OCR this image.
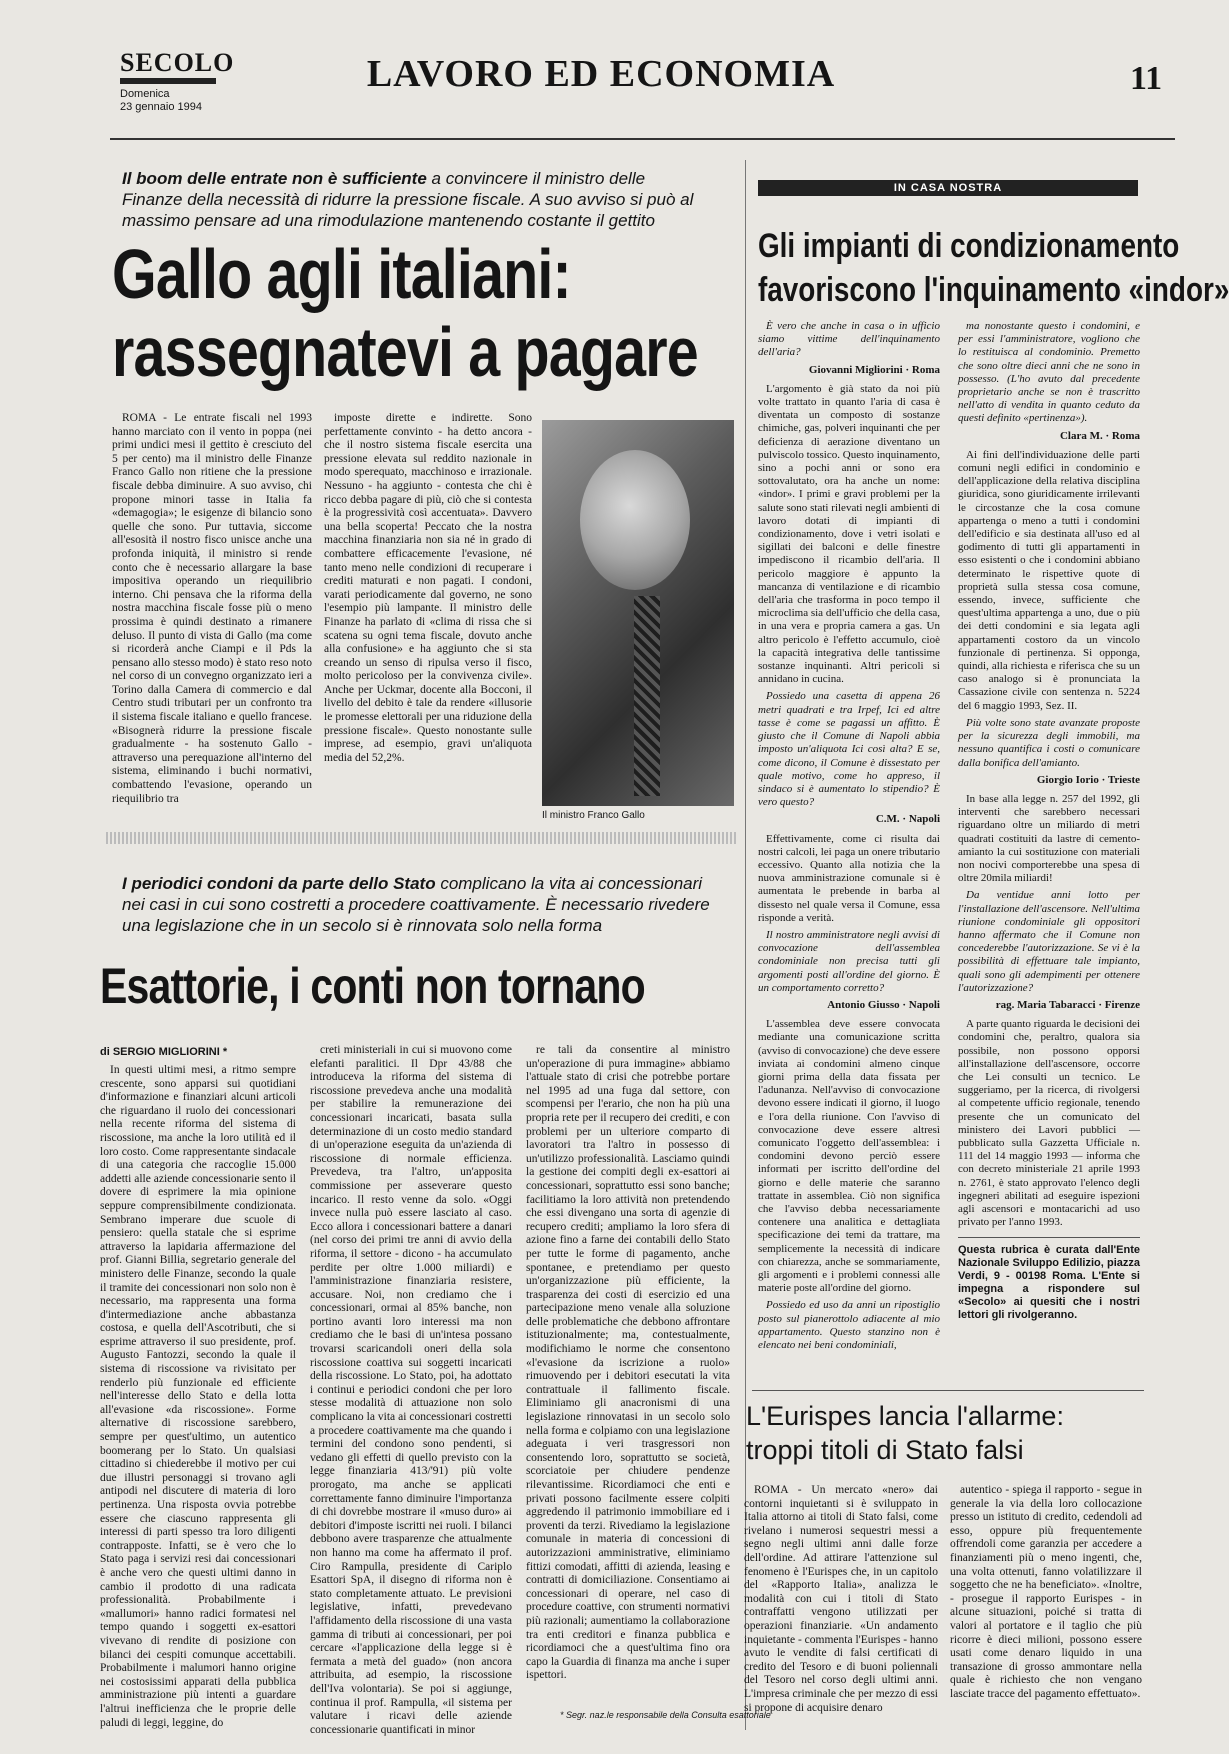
SECOLO
Domenica
23 gennaio 1994
LAVORO ED ECONOMIA	11
Il boom delle entrate non è sufficiente a convincere il ministro delle Finanze della necessità di ridurre la pressione fiscale. A suo avviso si può al massimo pensare ad una rimodulazione mantenendo costante il gettito
Gallo agli italiani:
rassegnatevi a pagare

ROMA - Le entrate fiscali nel 1993 hanno marciato con il vento in poppa (nei primi undici mesi il gettito è cresciuto del 5 per cento) ma il ministro delle Finanze Franco Gallo non ritiene che la pressione fiscale debba diminuire. A suo avviso, chi propone minori tasse in Italia fa «demagogia»; le esigenze di bilancio sono quelle che sono. Pur tuttavia, siccome all'esosità il nostro fisco unisce anche una profonda iniquità, il ministro si rende conto che è necessario allargare la base impositiva operando un riequilibrio interno. Chi pensava che la riforma della nostra macchina fiscale fosse più o meno prossima è quindi destinato a rimanere deluso. Il punto di vista di Gallo (ma come si ricorderà anche Ciampi e il Pds la pensano allo stesso modo) è stato reso noto nel corso di un convegno organizzato ieri a Torino dalla Camera di commercio e dal Centro studi tributari per un confronto tra il sistema fiscale italiano e quello francese. «Bisognerà ridurre la pressione fiscale gradualmente - ha sostenuto Gallo - attraverso una perequazione all'interno del sistema, eliminando i buchi normativi, combattendo l'evasione, operando un riequilibrio tra

imposte dirette e indirette. Sono perfettamente convinto - ha detto ancora - che il nostro sistema fiscale esercita una pressione elevata sul reddito nazionale in modo sperequato, macchinoso e irrazionale. Nessuno - ha aggiunto - contesta che chi è ricco debba pagare di più, ciò che si contesta è la progressività così accentuata». Davvero una bella scoperta! Peccato che la nostra macchina finanziaria non sia né in grado di combattere efficacemente l'evasione, né tanto meno nelle condizioni di recuperare i crediti maturati e non pagati. I condoni, varati periodicamente dal governo, ne sono l'esempio più lampante. Il ministro delle Finanze ha parlato di «clima di rissa che si scatena su ogni tema fiscale, dovuto anche alla confusione» e ha aggiunto che si sta creando un senso di ripulsa verso il fisco, molto pericoloso per la convivenza civile». Anche per Uckmar, docente alla Bocconi, il livello del debito è tale da rendere «illusorie le promesse elettorali per una riduzione della pressione fiscale». Questo nonostante sulle imprese, ad esempio, gravi un'aliquota media del 52,2%.

Il ministro Franco Gallo
I periodici condoni da parte dello Stato complicano la vita ai concessionari nei casi in cui sono costretti a procedere coattivamente. È necessario rivedere una legislazione che in un secolo si è rinnovata solo nella forma
Esattorie, i conti non tornano
di SERGIO MIGLIORINI *

In questi ultimi mesi, a ritmo sempre crescente, sono apparsi sui quotidiani d'informazione e finanziari alcuni articoli che riguardano il ruolo dei concessionari nella recente riforma del sistema di riscossione, ma anche la loro utilità ed il loro costo. Come rappresentante sindacale di una categoria che raccoglie 15.000 addetti alle aziende concessionarie sento il dovere di esprimere la mia opinione seppure comprensibilmente condizionata. Sembrano imperare due scuole di pensiero: quella statale che si esprime attraverso la lapidaria affermazione del prof. Gianni Billia, segretario generale del ministero delle Finanze, secondo la quale il tramite dei concessionari non solo non è necessario, ma rappresenta una forma d'intermediazione anche abbastanza costosa, e quella dell'Ascotributi, che si esprime attraverso il suo presidente, prof. Augusto Fantozzi, secondo la quale il sistema di riscossione va rivisitato per renderlo più funzionale ed efficiente nell'interesse dello Stato e della lotta all'evasione «da riscossione». Forme alternative di riscossione sarebbero, sempre per quest'ultimo, un autentico boomerang per lo Stato. Un qualsiasi cittadino si chiederebbe il motivo per cui due illustri personaggi si trovano agli antipodi nel discutere di materia di loro pertinenza. Una risposta ovvia potrebbe essere che ciascuno rappresenta gli interessi di parti spesso tra loro diligenti contrapposte. Infatti, se è vero che lo Stato paga i servizi resi dai concessionari è anche vero che questi ultimi danno in cambio il prodotto di una radicata professionalità. Probabilmente i «mallumori» hanno radici formatesi nel tempo quando i soggetti ex-esattori vivevano di rendite di posizione con bilanci dei cespiti comunque accettabili. Probabilmente i malumori hanno origine nei costosissimi apparati della pubblica amministrazione più intenti a guardare l'altrui inefficienza che le proprie delle paludi di leggi, leggine, do

creti ministeriali in cui si muovono come elefanti paralitici. Il Dpr 43/88 che introduceva la riforma del sistema di riscossione prevedeva anche una modalità per stabilire la remunerazione dei concessionari incaricati, basata sulla determinazione di un costo medio standard di un'operazione eseguita da un'azienda di riscossione di normale efficienza. Prevedeva, tra l'altro, un'apposita commissione per asseverare questo incarico. Il resto venne da solo. «Oggi invece nulla può essere lasciato al caso. Ecco allora i concessionari battere a danari (nel corso dei primi tre anni di avvio della riforma, il settore - dicono - ha accumulato perdite per oltre 1.000 miliardi) e l'amministrazione finanziaria resistere, accusare. Noi, non crediamo che i concessionari, ormai al 85% banche, non portino avanti loro interessi ma non crediamo che le basi di un'intesa possano trovarsi scaricandoli oneri della sola riscossione coattiva sui soggetti incaricati della riscossione. Lo Stato, poi, ha adottato i continui e periodici condoni che per loro stesse modalità di attuazione non solo complicano la vita ai concessionari costretti a procedere coattivamente ma che quando i termini del condono sono pendenti, si vedano gli effetti di quello previsto con la legge finanziaria 413/'91) più volte prorogato, ma anche se applicati correttamente fanno diminuire l'importanza di chi dovrebbe mostrare il «muso duro» ai debitori d'imposte iscritti nei ruoli. I bilanci debbono avere trasparenze che attualmente non hanno ma come ha affermato il prof. Ciro Rampulla, presidente di Cariplo Esattori SpA, il disegno di riforma non è stato completamente attuato. Le previsioni legislative, infatti, prevedevano l'affidamento della riscossione di una vasta gamma di tributi ai concessionari, per poi cercare «l'applicazione della legge si è fermata a metà del guado» (non ancora attribuita, ad esempio, la riscossione dell'Iva volontaria). Se poi si aggiunge, continua il prof. Rampulla, «il sistema per valutare i ricavi delle aziende concessionarie quantificati in minor

re tali da consentire al ministro un'operazione di pura immagine» abbiamo l'attuale stato di crisi che potrebbe portare nel 1995 ad una fuga dal settore, con scompensi per l'erario, che non ha più una propria rete per il recupero dei crediti, e con problemi per un ulteriore comparto di lavoratori tra l'altro in possesso di un'utilizzo professionalità. Lasciamo quindi la gestione dei compiti degli ex-esattori ai concessionari, soprattutto essi sono banche; facilitiamo la loro attività non pretendendo che essi divengano una sorta di agenzie di recupero crediti; ampliamo la loro sfera di azione fino a farne dei contabili dello Stato per tutte le forme di pagamento, anche spontanee, e pretendiamo per questo un'organizzazione più efficiente, la trasparenza dei costi di esercizio ed una partecipazione meno venale alla soluzione delle problematiche che debbono affrontare istituzionalmente; ma, contestualmente, modifichiamo le norme che consentono «l'evasione da iscrizione a ruolo» rimuovendo per i debitori esecutati la vita contrattuale il fallimento fiscale. Eliminiamo gli anacronismi di una legislazione rinnovatasi in un secolo solo nella forma e colpiamo con una legislazione adeguata i veri trasgressori non consentendo loro, soprattutto se società, scorciatoie per chiudere pendenze rilevantissime. Ricordiamoci che enti e privati possono facilmente essere colpiti aggredendo il patrimonio immobiliare ed i proventi da terzi. Rivediamo la legislazione comunale in materia di concessioni di autorizzazioni amministrative, eliminiamo fittizi comodati, affitti di azienda, leasing e contratti di domiciliazione. Consentiamo ai concessionari di operare, nel caso di procedure coattive, con strumenti normativi più razionali; aumentiamo la collaborazione tra enti creditori e finanza pubblica e ricordiamoci che a quest'ultima fino ora capo la Guardia di finanza ma anche i super ispettori.

* Segr. naz.le responsabile della Consulta esattoriale
IN CASA NOSTRA
Gli impianti di condizionamento
favoriscono l'inquinamento «indor»

È vero che anche in casa o in ufficio siamo vittime dell'inquinamento dell'aria?

Giovanni Migliorini · Roma

L'argomento è già stato da noi più volte trattato in quanto l'aria di casa è diventata un composto di sostanze chimiche, gas, polveri inquinanti che per deficienza di aerazione diventano un pulviscolo tossico. Questo inquinamento, sino a pochi anni or sono era sottovalutato, ora ha anche un nome: «indor». I primi e gravi problemi per la salute sono stati rilevati negli ambienti di lavoro dotati di impianti di condizionamento, dove i vetri isolati e sigillati dei balconi e delle finestre impediscono il ricambio dell'aria. Il pericolo maggiore è appunto la mancanza di ventilazione e di ricambio dell'aria che trasforma in poco tempo il microclima sia dell'ufficio che della casa, in una vera e propria camera a gas. Un altro pericolo è l'effetto accumulo, cioè la capacità integrativa delle tantissime sostanze inquinanti. Altri pericoli si annidano in cucina.

Possiedo una casetta di appena 26 metri quadrati e tra Irpef, Ici ed altre tasse è come se pagassi un affitto. È giusto che il Comune di Napoli abbia imposto un'aliquota Ici così alta? E se, come dicono, il Comune è dissestato per quale motivo, come ho appreso, il sindaco si è aumentato lo stipendio? È vero questo?

C.M. · Napoli

Effettivamente, come ci risulta dai nostri calcoli, lei paga un onere tributario eccessivo. Quanto alla notizia che la nuova amministrazione comunale si è aumentata le prebende in barba al dissesto nel quale versa il Comune, essa risponde a verità.

Il nostro amministratore negli avvisi di convocazione dell'assemblea condominiale non precisa tutti gli argomenti posti all'ordine del giorno. È un comportamento corretto?

Antonio Giusso · Napoli

L'assemblea deve essere convocata mediante una comunicazione scritta (avviso di convocazione) che deve essere inviata ai condomini almeno cinque giorni prima della data fissata per l'adunanza. Nell'avviso di convocazione devono essere indicati il giorno, il luogo e l'ora della riunione. Con l'avviso di convocazione deve essere altresì comunicato l'oggetto dell'assemblea: i condomini devono perciò essere informati per iscritto dell'ordine del giorno e delle materie che saranno trattate in assemblea. Ciò non significa che l'avviso debba necessariamente contenere una analitica e dettagliata specificazione dei temi da trattare, ma semplicemente la necessità di indicare con chiarezza, anche se sommariamente, gli argomenti e i problemi connessi alle materie poste all'ordine del giorno.

Possiedo ed uso da anni un ripostiglio posto sul pianerottolo adiacente al mio appartamento. Questo stanzino non è elencato nei beni condominiali,

ma nonostante questo i condomini, e per essi l'amministratore, vogliono che lo restituisca al condominio. Premetto che sono oltre dieci anni che ne sono in possesso. (L'ho avuto dal precedente proprietario anche se non è trascritto nell'atto di vendita in quanto ceduto da questi definito «pertinenza»).

Clara M. · Roma

Ai fini dell'individuazione delle parti comuni negli edifici in condominio e dell'applicazione della relativa disciplina giuridica, sono giuridicamente irrilevanti le circostanze che la cosa comune appartenga o meno a tutti i condomini dell'edificio e sia destinata all'uso ed al godimento di tutti gli appartamenti in esso esistenti o che i condomini abbiano determinato le rispettive quote di proprietà sulla stessa cosa comune, essendo, invece, sufficiente che quest'ultima appartenga a uno, due o più dei detti condomini e sia legata agli appartamenti costoro da un vincolo funzionale di pertinenza. Si opponga, quindi, alla richiesta e riferisca che su un caso analogo si è pronunciata la Cassazione civile con sentenza n. 5224 del 6 maggio 1993, Sez. II.

Più volte sono state avanzate proposte per la sicurezza degli immobili, ma nessuno quantifica i costi o comunicare dalla bonifica dell'amianto.

Giorgio Iorio · Trieste

In base alla legge n. 257 del 1992, gli interventi che sarebbero necessari riguardano oltre un miliardo di metri quadrati costituiti da lastre di cemento-amianto la cui sostituzione con materiali non nocivi comporterebbe una spesa di oltre 20mila miliardi!

Da ventidue anni lotto per l'installazione dell'ascensore. Nell'ultima riunione condominiale gli oppositori hanno affermato che il Comune non concederebbe l'autorizzazione. Se vi è la possibilità di effettuare tale impianto, quali sono gli adempimenti per ottenere l'autorizzazione?

rag. Maria Tabaracci · Firenze

A parte quanto riguarda le decisioni dei condomini che, peraltro, qualora sia possibile, non possono opporsi all'installazione dell'ascensore, occorre che Lei consulti un tecnico. Le suggeriamo, per la ricerca, di rivolgersi al competente ufficio regionale, tenendo presente che un comunicato del ministero dei Lavori pubblici — pubblicato sulla Gazzetta Ufficiale n. 111 del 14 maggio 1993 — informa che con decreto ministeriale 21 aprile 1993 n. 2761, è stato approvato l'elenco degli ingegneri abilitati ad eseguire ispezioni agli ascensori e montacarichi ad uso privato per l'anno 1993.

Questa rubrica è curata dall'Ente Nazionale Sviluppo Edilizio, piazza Verdi, 9 - 00198 Roma. L'Ente si impegna a rispondere sul «Secolo» ai quesiti che i nostri lettori gli rivolgeranno.
L'Eurispes lancia l'allarme:
troppi titoli di Stato falsi

ROMA - Un mercato «nero» dai contorni inquietanti si è sviluppato in Italia attorno ai titoli di Stato falsi, come rivelano i numerosi sequestri messi a segno negli ultimi anni dalle forze dell'ordine. Ad attirare l'attenzione sul fenomeno è l'Eurispes che, in un capitolo del «Rapporto Italia», analizza le modalità con cui i titoli di Stato contraffatti vengono utilizzati per operazioni finanziarie. «Un andamento inquietante - commenta l'Eurispes - hanno avuto le vendite di falsi certificati di credito del Tesoro e di buoni poliennali del Tesoro nel corso degli ultimi anni. L'impresa criminale che per mezzo di essi si propone di acquisire denaro

autentico - spiega il rapporto - segue in generale la via della loro collocazione presso un istituto di credito, cedendoli ad esso, oppure più frequentemente offrendoli come garanzia per accedere a finanziamenti più o meno ingenti, che, una volta ottenuti, fanno volatilizzare il soggetto che ne ha beneficiato». «Inoltre, - prosegue il rapporto Eurispes - in alcune situazioni, poiché si tratta di valori al portatore e il taglio che più ricorre è dieci milioni, possono essere usati come denaro liquido in una transazione di grosso ammontare nella quale è richiesto che non vengano lasciate tracce del pagamento effettuato».
